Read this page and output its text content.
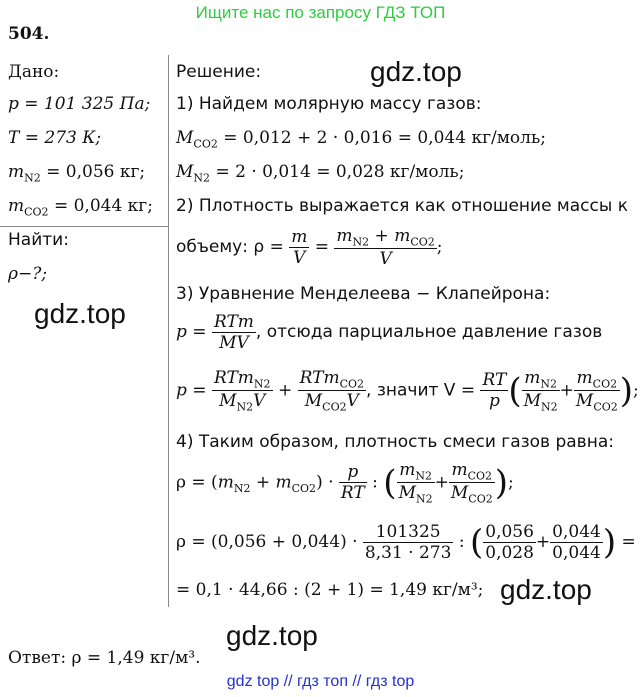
Ищите нас по запросу ГДЗ ТОП
504.
Дано:
p = 101 325 Па;
T = 273 К;
$m_{N2} = 0,056$ кг;
$m_{CO2} = 0,044$ кг;
Найти:
ρ−?;
Решение:
1) Найдем молярную массу газов:
$M_{CO2} = 0,012 + 2 \cdot 0,016 = 0,044$ кг/моль;
$M_{N2} = 2 \cdot 0,014 = 0,028$ кг/моль;
2) Плотность выражается как отношение массы к
объему: $\rho = \frac{m}{V} = \frac{m_{N2} + m_{CO2}}{V}$ ;
3) Уравнение Менделеева − Клапейрона:
$p = \frac{\text{RTm}}{MV}$ , отсюда парциальное давление газов
$p = \frac{RTm_{N2}}{M_{N2}V} + \frac{RTm_{CO2}}{M_{CO2}V}$ , значит $V = \frac{RT}{p}$ ( $\frac{m_{N2}}{M_{N2}} + \frac{m_{CO2}}{M_{CO2}}$ );
4) Таким образом, плотность смеси газов равна:
$\rho = (m_{N2} + m_{CO2}) \cdot \frac{p}{RT}$ : ( $\frac{m_{N2}}{M_{N2}} + \frac{m_{CO2}}{M_{CO2}}$ );
$\rho = (0,056 + 0,044) \cdot \frac{101325}{8,31 \cdot 273}$ : ( $\frac{0,056}{0,028} + \frac{0,044}{0,044}$ ) =
= 0,1 · 44,66 : (2 + 1) = 1,49 кг/м³;
Ответ: ρ = 1,49 кг/м³.
gdz.top
gdz.top
gdz.top
gdz.top
gdz top // гдз топ // гдз top
